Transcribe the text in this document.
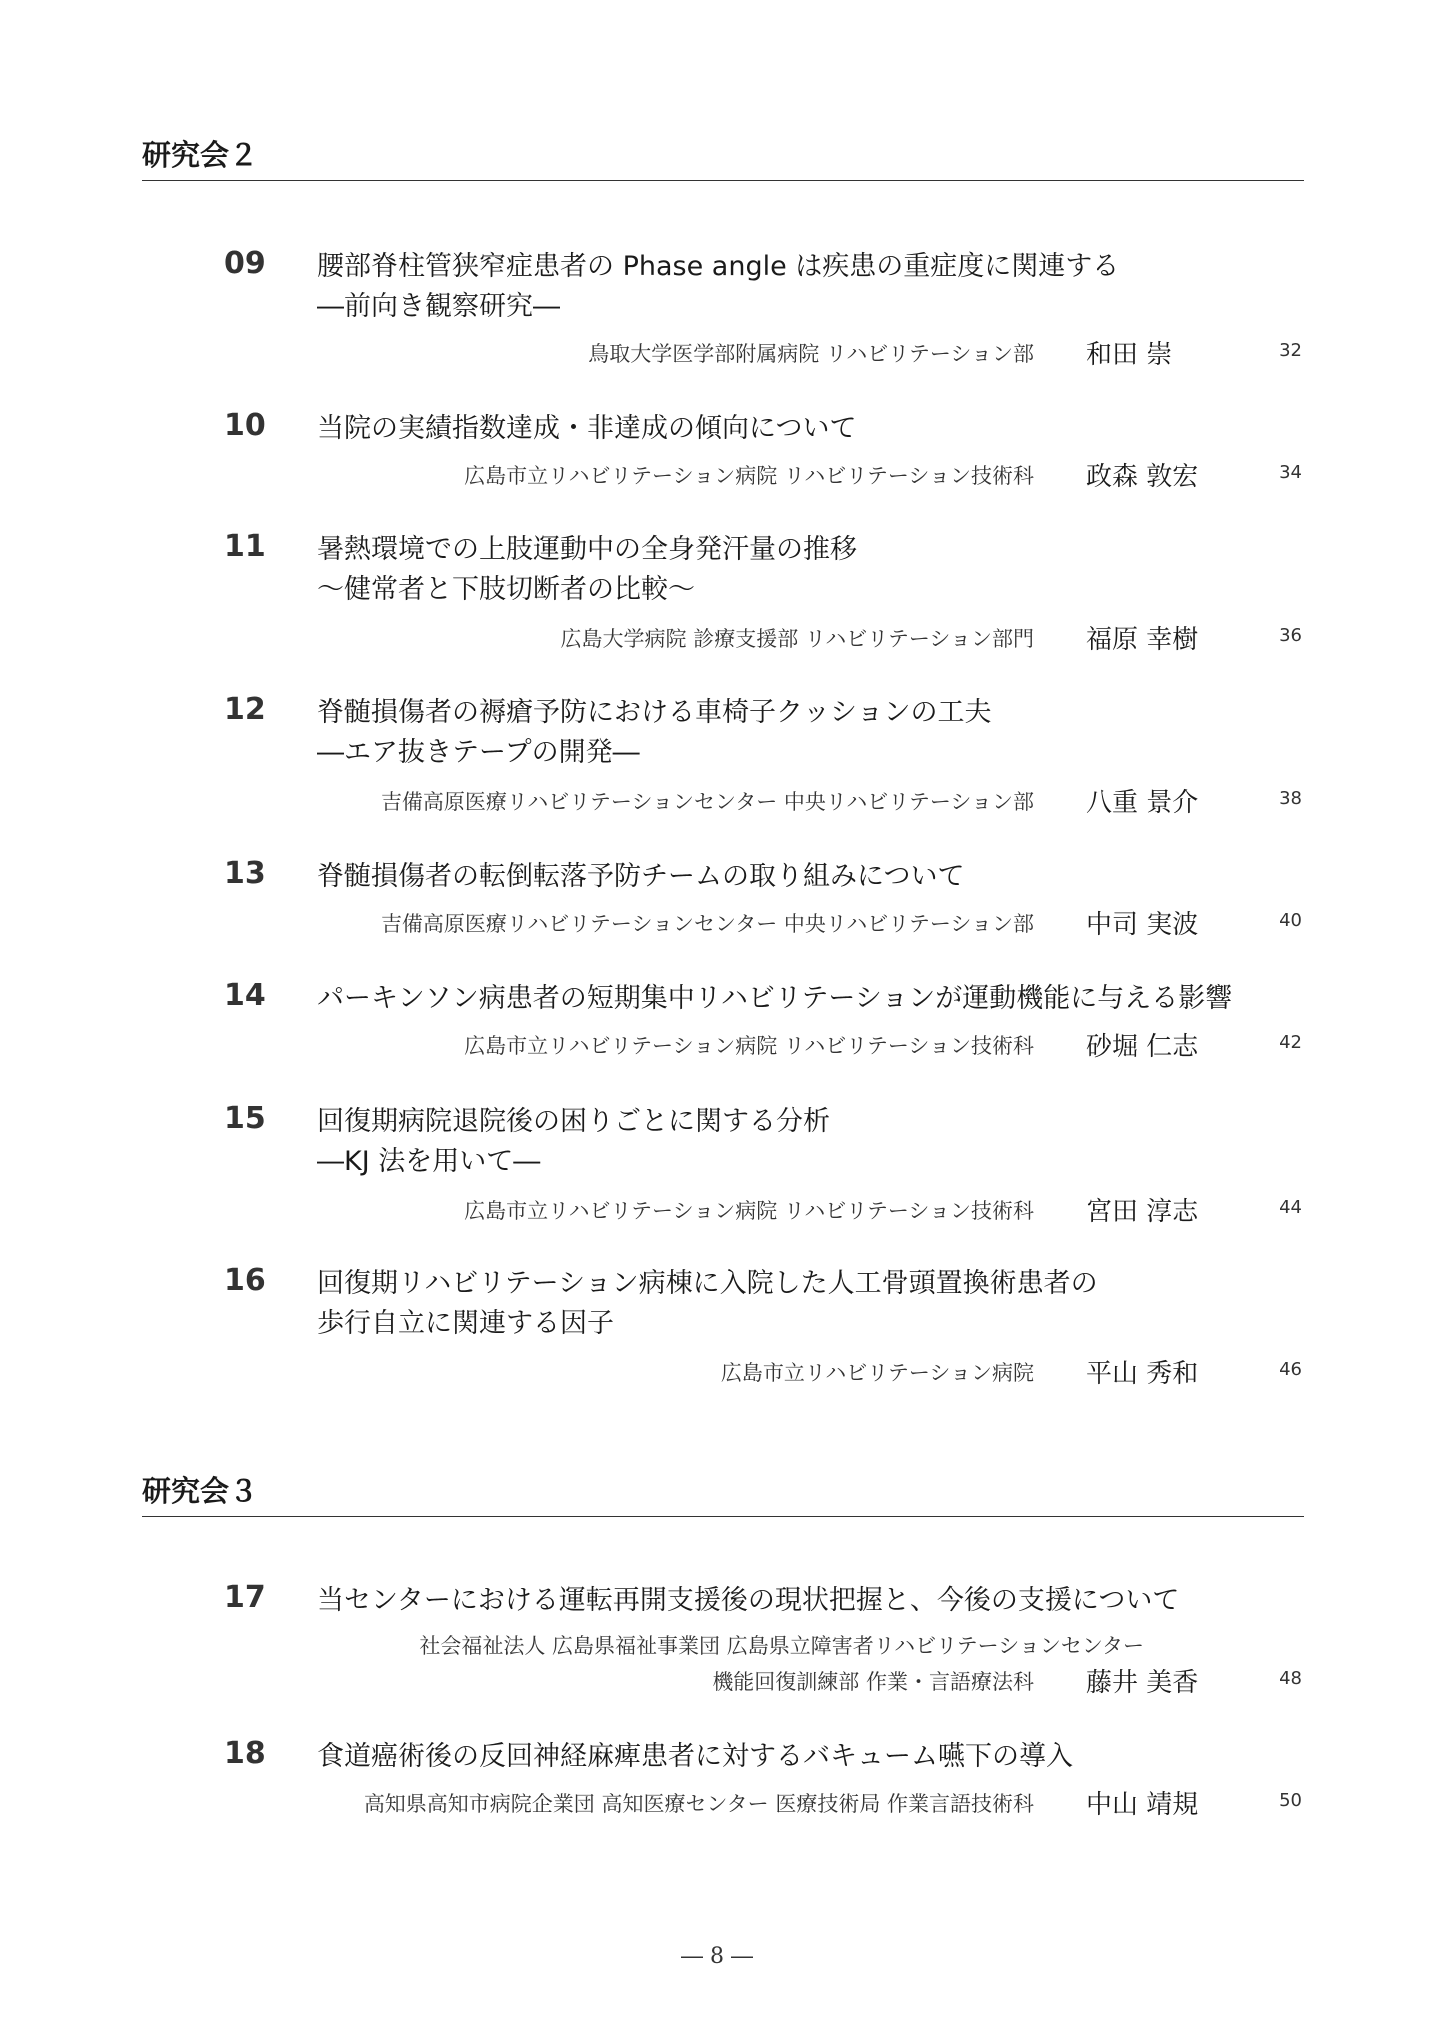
研究会２
09 腰部脊柱管狭窄症患者の Phase angle は疾患の重症度に関連する
―前向き観察研究―
鳥取大学医学部附属病院 リハビリテーション部 和田 崇	32
10 当院の実績指数達成・非達成の傾向について
広島市立リハビリテーション病院 リハビリテーション技術科 政森 敦宏	34
11 暑熱環境での上肢運動中の全身発汗量の推移
～健常者と下肢切断者の比較～
広島大学病院 診療支援部 リハビリテーション部門 福原 幸樹	36
12 脊髄損傷者の褥瘡予防における車椅子クッションの工夫
―エア抜きテープの開発―
吉備高原医療リハビリテーションセンター 中央リハビリテーション部 八重 景介	38
13 脊髄損傷者の転倒転落予防チームの取り組みについて
吉備高原医療リハビリテーションセンター 中央リハビリテーション部 中司 実波	40
14 パーキンソン病患者の短期集中リハビリテーションが運動機能に与える影響
広島市立リハビリテーション病院 リハビリテーション技術科 砂堀 仁志	42
15 回復期病院退院後の困りごとに関する分析
―KJ 法を用いて―
広島市立リハビリテーション病院 リハビリテーション技術科 宮田 淳志	44
16 回復期リハビリテーション病棟に入院した人工骨頭置換術患者の
歩行自立に関連する因子
広島市立リハビリテーション病院 平山 秀和	46
研究会３
17 当センターにおける運転再開支援後の現状把握と、今後の支援について
社会福祉法人 広島県福祉事業団 広島県立障害者リハビリテーションセンター
機能回復訓練部 作業・言語療法科 藤井 美香	48
18 食道癌術後の反回神経麻痺患者に対するバキューム嚥下の導入
高知県高知市病院企業団 高知医療センター 医療技術局 作業言語技術科 中山 靖規	50
― 8 ―
